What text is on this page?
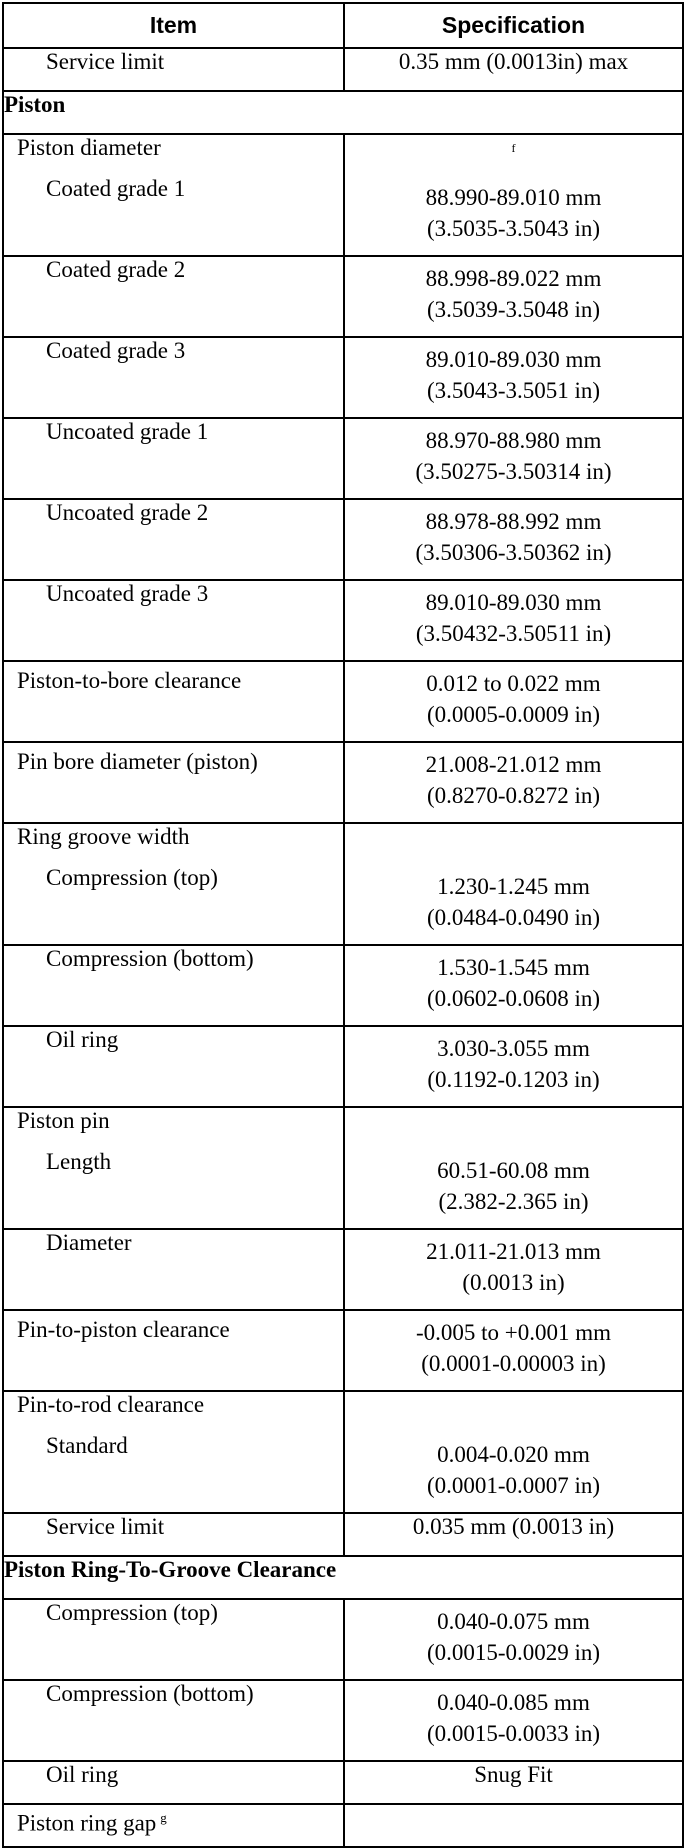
Item	Specification
Service limit	0.35 mm (0.0013in) max
Piston	
Piston diameter	$^f$
Coated grade 1	88.990-89.010 mm
(3.5035-3.5043 in)

Coated grade 2	88.998-89.022 mm
(3.5039-3.5048 in)

Coated grade 3	89.010-89.030 mm
(3.5043-3.5051 in)

Uncoated grade 1	88.970-88.980 mm
(3.50275-3.50314 in)

Uncoated grade 2	88.978-88.992 mm
(3.50306-3.50362 in)

Uncoated grade 3	89.010-89.030 mm
(3.50432-3.50511 in)

Piston-to-bore clearance	0.012 to 0.022 mm
(0.0005-0.0009 in)

Pin bore diameter (piston)	21.008-21.012 mm
(0.8270-0.8272 in)

Ring groove width	
Compression (top)	1.230-1.245 mm
(0.0484-0.0490 in)

Compression (bottom)	1.530-1.545 mm
(0.0602-0.0608 in)

Oil ring	3.030-3.055 mm
(0.1192-0.1203 in)

Piston pin	
Length	60.51-60.08 mm
(2.382-2.365 in)

Diameter	21.011-21.013 mm
(0.0013 in)

Pin-to-piston clearance	-0.005 to +0.001 mm
(0.0001-0.00003 in)

Pin-to-rod clearance	
Standard	0.004-0.020 mm
(0.0001-0.0007 in)

Service limit	0.035 mm (0.0013 in)
Piston Ring-To-Groove Clearance	
Compression (top)	0.040-0.075 mm
(0.0015-0.0029 in)

Compression (bottom)	0.040-0.085 mm
(0.0015-0.0033 in)

Oil ring	Snug Fit
Piston ring gap $^g$	
